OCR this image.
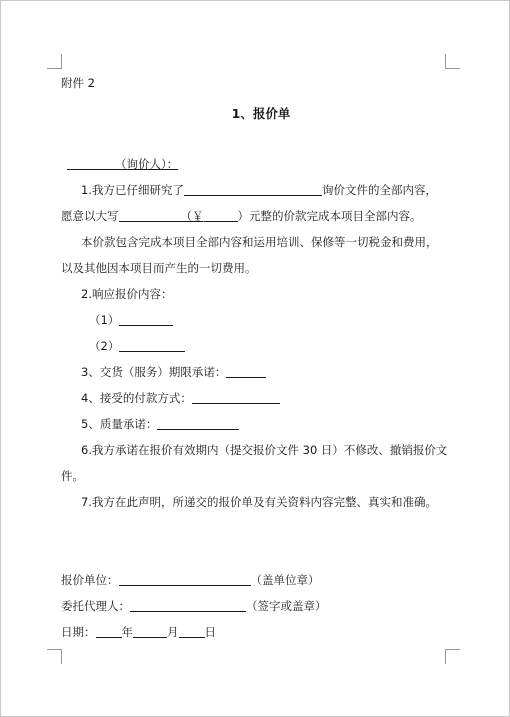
附件 2
1、报价单
（询价人）：
1.我方已仔细研究了	询价文件的全部内容，
愿意以大写	（￥	）元整的价款完成本项目全部内容。
本价款包含完成本项目全部内容和运用培训、保修等一切税金和费用，
以及其他因本项目而产生的一切费用。
2.响应报价内容：
（1）
（2）
3、交货（服务）期限承诺：
4、接受的付款方式：
5、质量承诺：
6.我方承诺在报价有效期内（提交报价文件 30 日）不修改、撤销报价文
件。
7.我方在此声明，所递交的报价单及有关资料内容完整、真实和准确。
报价单位：	（盖单位章）
委托代理人：	（签字或盖章）
日期： 年	月 日
